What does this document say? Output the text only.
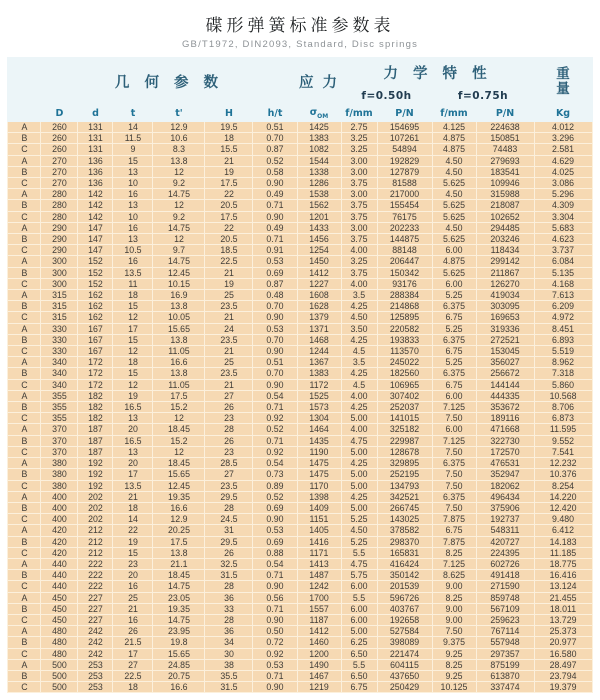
碟形弹簧标准参数表
GB/T1972, DIN2093, Standard, Disc springs
	几 何 参 数						应 力	力 学 特 性				重
量

								f=0.50h		f=0.75h		
	D	d	t	t'	H	h/t	$\sigma_{OM}$	f/mm	P/N	f/mm	P/N	Kg
A	260	131	14	12.9	19.5	0.51	1425	2.75	154695	4.125	224638	4.012
B	260	131	11.5	10.6	18	0.70	1383	3.25	107261	4.875	150851	3.296
C	260	131	9	8.3	15.5	0.87	1082	3.25	54894	4.875	74483	2.581
A	270	136	15	13.8	21	0.52	1544	3.00	192829	4.50	279693	4.629
B	270	136	13	12	19	0.58	1338	3.00	127879	4.50	183541	4.025
C	270	136	10	9.2	17.5	0.90	1286	3.75	81588	5.625	109946	3.086
A	280	142	16	14.75	22	0.49	1538	3.00	217000	4.50	315988	5.296
B	280	142	13	12	20.5	0.71	1562	3.75	155454	5.625	218087	4.309
C	280	142	10	9.2	17.5	0.90	1201	3.75	76175	5.625	102652	3.304
A	290	147	16	14.75	22	0.49	1433	3.00	202233	4.50	294485	5.683
B	290	147	13	12	20.5	0.71	1456	3.75	144875	5.625	203246	4.623
C	290	147	10.5	9.7	18.5	0.91	1254	4.00	88148	6.00	118434	3.737
A	300	152	16	14.75	22.5	0.53	1450	3.25	206447	4.875	299142	6.084
B	300	152	13.5	12.45	21	0.69	1412	3.75	150342	5.625	211867	5.135
C	300	152	11	10.15	19	0.87	1227	4.00	93176	6.00	126270	4.168
A	315	162	18	16.9	25	0.48	1608	3.5	288384	5.25	419034	7.613
B	315	162	15	13.8	23.5	0.70	1628	4.25	214868	6.375	303095	6.209
C	315	162	12	10.05	21	0.90	1379	4.50	125895	6.75	169653	4.972
A	330	167	17	15.65	24	0.53	1371	3.50	220582	5.25	319336	8.451
B	330	167	15	13.8	23.5	0.70	1468	4.25	193833	6.375	272521	6.893
C	330	167	12	11.05	21	0.90	1244	4.5	113570	6.75	153045	5.519
A	340	172	18	16.6	25	0.51	1367	3.5	245022	5.25	356027	8.962
B	340	172	15	13.8	23.5	0.70	1383	4.25	182560	6.375	256672	7.318
C	340	172	12	11.05	21	0.90	1172	4.5	106965	6.75	144144	5.860
A	355	182	19	17.5	27	0.54	1525	4.00	307402	6.00	444335	10.568
B	355	182	16.5	15.2	26	0.71	1573	4.25	252037	7.125	353672	8.706
C	355	182	13	12	23	0.92	1304	5.00	141015	7.50	189116	6.873
A	370	187	20	18.45	28	0.52	1464	4.00	325182	6.00	471668	11.595
B	370	187	16.5	15.2	26	0.71	1435	4.75	229987	7.125	322730	9.552
C	370	187	13	12	23	0.92	1190	5.00	128678	7.50	172570	7.541
A	380	192	20	18.45	28.5	0.54	1475	4.25	329895	6.375	476531	12.232
B	380	192	17	15.65	27	0.73	1475	5.00	252195	7.50	352947	10.376
C	380	192	13.5	12.45	23.5	0.89	1170	5.00	134793	7.50	182062	8.254
A	400	202	21	19.35	29.5	0.52	1398	4.25	342521	6.375	496434	14.220
B	400	202	18	16.6	28	0.69	1409	5.00	266745	7.50	375906	12.420
C	400	202	14	12.9	24.5	0.90	1151	5.25	143025	7.875	192737	9.480
A	420	212	22	20.25	31	0.53	1405	4.50	378582	6.75	548311	6.412
B	420	212	19	17.5	29.5	0.69	1416	5.25	298370	7.875	420727	14.183
C	420	212	15	13.8	26	0.88	1171	5.5	165831	8.25	224395	11.185
A	440	222	23	21.1	32.5	0.54	1413	4.75	416424	7.125	602726	18.775
B	440	222	20	18.45	31.5	0.71	1487	5.75	350142	8.625	491418	16.416
C	440	222	16	14.75	28	0.90	1242	6.00	201539	9.00	271590	13.124
A	450	227	25	23.05	36	0.56	1700	5.5	596726	8.25	859748	21.455
B	450	227	21	19.35	33	0.71	1557	6.00	403767	9.00	567109	18.011
C	450	227	16	14.75	28	0.90	1187	6.00	192658	9.00	259623	13.729
A	480	242	26	23.95	36	0.50	1412	5.00	527584	7.50	767114	25.373
B	480	242	21.5	19.8	34	0.72	1460	6.25	398089	9.375	557948	20.977
C	480	242	17	15.65	30	0.92	1200	6.50	221474	9.25	297357	16.580
A	500	253	27	24.85	38	0.53	1490	5.5	604115	8.25	875199	28.497
B	500	253	22.5	20.75	35.5	0.71	1467	6.50	437650	9.25	613870	23.794
C	500	253	18	16.6	31.5	0.90	1219	6.75	250429	10.125	337474	19.379
